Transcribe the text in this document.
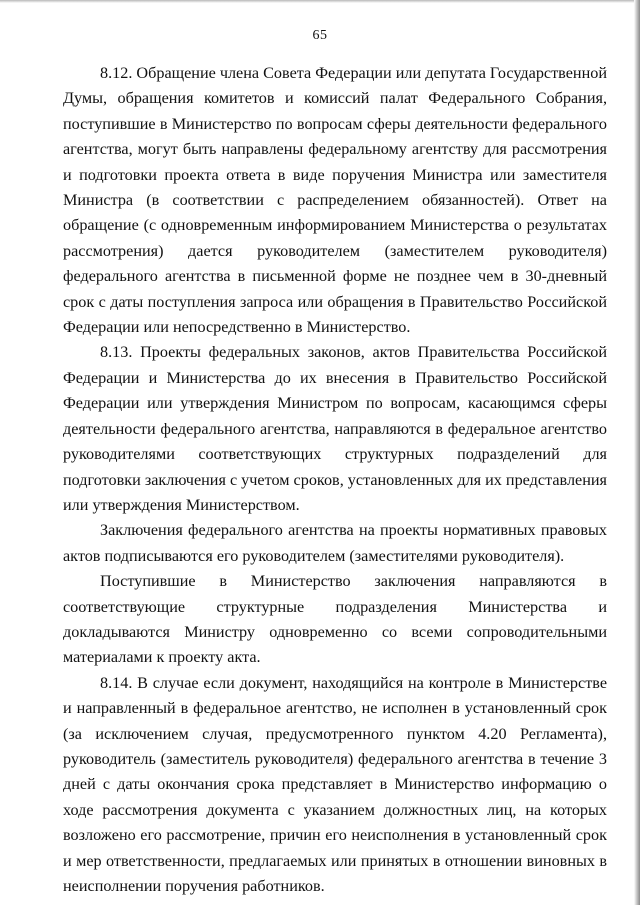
65

8.12. Обращение члена Совета Федерации или депутата Государственной Думы, обращения комитетов и комиссий палат Федерального Собрания, поступившие в Министерство по вопросам сферы деятельности федерального агентства, могут быть направлены федеральному агентству для рассмотрения и подготовки проекта ответа в виде поручения Министра или заместителя Министра (в соответствии с распределением обязанностей). Ответ на обращение (с одновременным информированием Министерства о результатах рассмотрения) дается руководителем (заместителем руководителя) федерального агентства в письменной форме не позднее чем в 30-дневный срок с даты поступления запроса или обращения в Правительство Российской Федерации или непосредственно в Министерство.

8.13. Проекты федеральных законов, актов Правительства Российской Федерации и Министерства до их внесения в Правительство Российской Федерации или утверждения Министром по вопросам, касающимся сферы деятельности федерального агентства, направляются в федеральное агентство руководителями соответствующих структурных подразделений для подготовки заключения с учетом сроков, установленных для их представления или утверждения Министерством.

Заключения федерального агентства на проекты нормативных правовых актов подписываются его руководителем (заместителями руководителя).

Поступившие в Министерство заключения направляются в соответствующие структурные подразделения Министерства и докладываются Министру одновременно со всеми сопроводительными материалами к проекту акта.

8.14. В случае если документ, находящийся на контроле в Министерстве и направленный в федеральное агентство, не исполнен в установленный срок (за исключением случая, предусмотренного пунктом 4.20 Регламента), руководитель (заместитель руководителя) федерального агентства в течение 3 дней с даты окончания срока представляет в Министерство информацию о ходе рассмотрения документа с указанием должностных лиц, на которых возложено его рассмотрение, причин его неисполнения в установленный срок и мер ответственности, предлагаемых или принятых в отношении виновных в неисполнении поручения работников.
